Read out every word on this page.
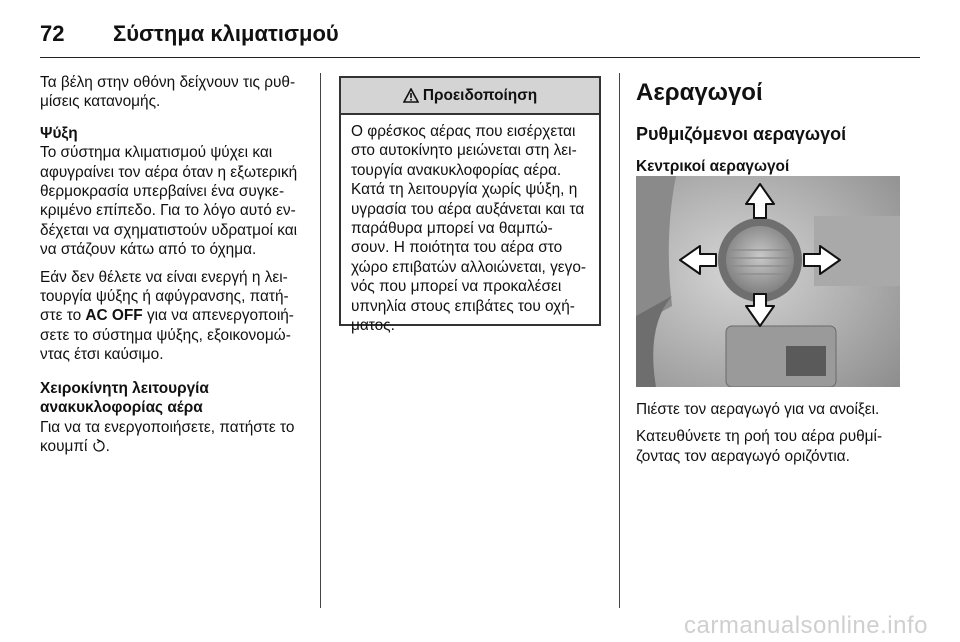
72 Σύστημα κλιματισμού

Τα βέλη στην οθόνη δείχνουν τις ρυθ-μίσεις κατανομής.

Ψύξη

Το σύστημα κλιματισμού ψύχει και αφυγραίνει τον αέρα όταν η εξωτερική θερμοκρασία υπερβαίνει ένα συγκε-κριμένο επίπεδο. Για το λόγο αυτό εν-δέχεται να σχηματιστούν υδρατμοί και να στάζουν κάτω από το όχημα.

Εάν δεν θέλετε να είναι ενεργή η λει-τουργία ψύξης ή αφύγρανσης, πατή-στε το AC OFF για να απενεργοποιή-σετε το σύστημα ψύξης, εξοικονομώ-ντας έτσι καύσιμο.

Χειροκίνητη λειτουργία ανακυκλοφορίας αέρα

Για να τα ενεργοποιήσετε, πατήστε το κουμπί .

Προειδοποίηση
Ο φρέσκος αέρας που εισέρχεται στο αυτοκίνητο μειώνεται στη λει-τουργία ανακυκλοφορίας αέρα. Κατά τη λειτουργία χωρίς ψύξη, η υγρασία του αέρα αυξάνεται και τα παράθυρα μπορεί να θαμπώ-σουν. Η ποιότητα του αέρα στο χώρο επιβατών αλλοιώνεται, γεγο-νός που μπορεί να προκαλέσει υπνηλία στους επιβάτες του οχή-ματος.
Αεραγωγοί
Ρυθμιζόμενοι αεραγωγοί
Κεντρικοί αεραγωγοί

Πιέστε τον αεραγωγό για να ανοίξει.

Κατευθύνετε τη ροή του αέρα ρυθμί-ζοντας τον αεραγωγό οριζόντια.

carmanualsonline.info
